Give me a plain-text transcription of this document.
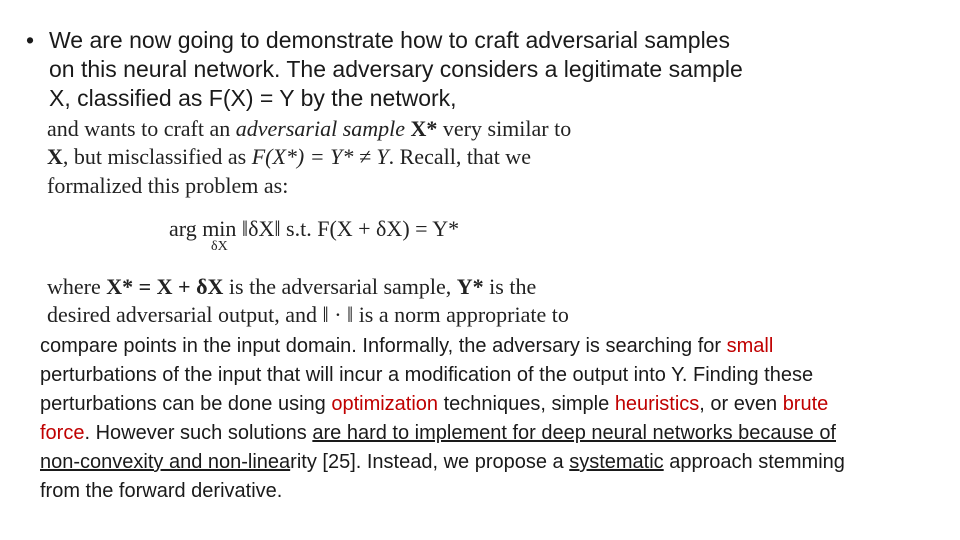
• We are now going to demonstrate how to craft adversarial samples
on this neural network. The adversary considers a legitimate sample
X, classified as F(X) = Y by the network,
and wants to craft an adversarial sample X* very similar to
X, but misclassified as F(X*) = Y* ≠ Y. Recall, that we
formalized this problem as:
arg min
δX
‖δX‖ s.t. F(X + δX) = Y*
where X* = X + δX is the adversarial sample, Y* is the
desired adversarial output, and ‖ · ‖ is a norm appropriate to
compare points in the input domain. Informally, the adversary is searching for small
perturbations of the input that will incur a modification of the output into Y. Finding these
perturbations can be done using optimization techniques, simple heuristics, or even brute
force. However such solutions are hard to implement for deep neural networks because of
non-convexity and non-linearity [25]. Instead, we propose a systematic approach stemming
from the forward derivative.
